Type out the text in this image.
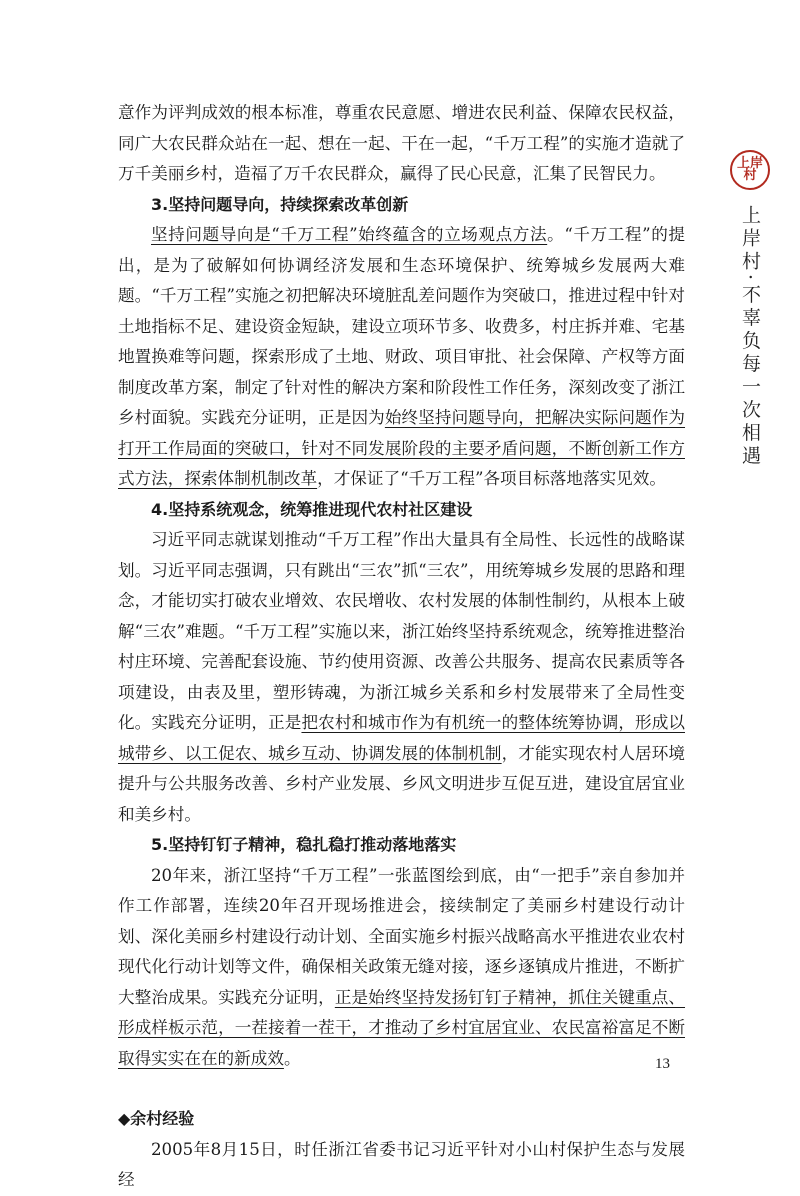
上岸村
上岸村·不辜负每一次相遇

意作为评判成效的根本标准，尊重农民意愿、增进农民利益、保障农民权益，同广大农民群众站在一起、想在一起、干在一起，“千万工程”的实施才造就了万千美丽乡村，造福了万千农民群众，赢得了民心民意，汇集了民智民力。

3.坚持问题导向，持续探索改革创新

坚持问题导向是“千万工程”始终蕴含的立场观点方法。“千万工程”的提出，是为了破解如何协调经济发展和生态环境保护、统筹城乡发展两大难题。“千万工程”实施之初把解决环境脏乱差问题作为突破口，推进过程中针对土地指标不足、建设资金短缺，建设立项环节多、收费多，村庄拆并难、宅基地置换难等问题，探索形成了土地、财政、项目审批、社会保障、产权等方面制度改革方案，制定了针对性的解决方案和阶段性工作任务，深刻改变了浙江乡村面貌。实践充分证明，正是因为始终坚持问题导向，把解决实际问题作为打开工作局面的突破口，针对不同发展阶段的主要矛盾问题，不断创新工作方式方法，探索体制机制改革，才保证了“千万工程”各项目标落地落实见效。

4.坚持系统观念，统筹推进现代农村社区建设

习近平同志就谋划推动“千万工程”作出大量具有全局性、长远性的战略谋划。习近平同志强调，只有跳出“三农”抓“三农”，用统筹城乡发展的思路和理念，才能切实打破农业增效、农民增收、农村发展的体制性制约，从根本上破解“三农”难题。“千万工程”实施以来，浙江始终坚持系统观念，统筹推进整治村庄环境、完善配套设施、节约使用资源、改善公共服务、提高农民素质等各项建设，由表及里，塑形铸魂，为浙江城乡关系和乡村发展带来了全局性变化。实践充分证明，正是把农村和城市作为有机统一的整体统筹协调，形成以城带乡、以工促农、城乡互动、协调发展的体制机制，才能实现农村人居环境提升与公共服务改善、乡村产业发展、乡风文明进步互促互进，建设宜居宜业和美乡村。

5.坚持钉钉子精神，稳扎稳打推动落地落实

20年来，浙江坚持“千万工程”一张蓝图绘到底，由“一把手”亲自参加并作工作部署，连续20年召开现场推进会，接续制定了美丽乡村建设行动计划、深化美丽乡村建设行动计划、全面实施乡村振兴战略高水平推进农业农村现代化行动计划等文件，确保相关政策无缝对接，逐乡逐镇成片推进，不断扩大整治成果。实践充分证明，正是始终坚持发扬钉钉子精神，抓住关键重点、形成样板示范，一茬接着一茬干，才推动了乡村宜居宜业、农民富裕富足不断取得实实在在的新成效。

◆余村经验

2005年8月15日，时任浙江省委书记习近平针对小山村保护生态与发展经

13
